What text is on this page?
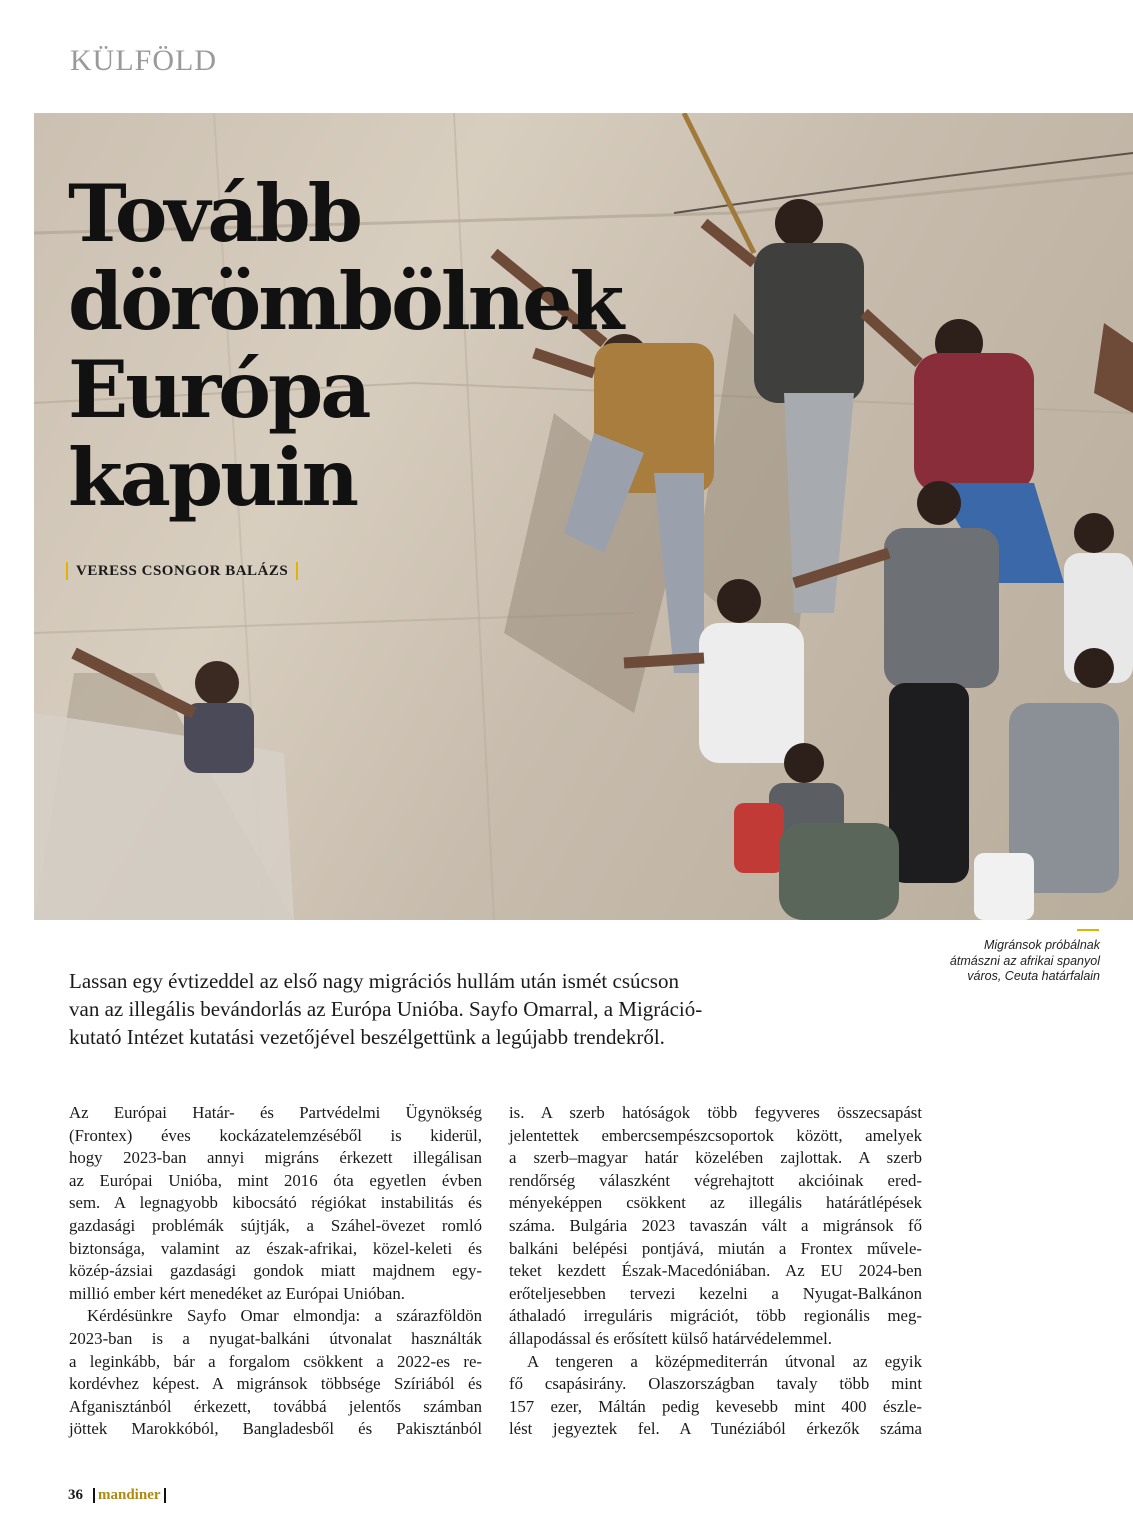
KÜLFÖLD
Tovább
dörömbölnek
Európa
kapuin
VERESS CSONGOR BALÁZS
Migránsok próbálnak
átmászni az afrikai spanyol
város, Ceuta határfalain
Lassan egy évtizeddel az első nagy migrációs hullám után ismét csúcson
van az illegális bevándorlás az Európa Unióba. Sayfo Omarral, a Migráció-
kutató Intézet kutatási vezetőjével beszélgettünk a legújabb trendekről.
Az Európai Határ- és Partvédelmi Ügynökség
(Frontex) éves kockázatelemzéséből is kiderül,
hogy 2023-ban annyi migráns érkezett illegálisan
az Európai Unióba, mint 2016 óta egyetlen évben
sem. A legnagyobb kibocsátó régiókat instabilitás és
gazdasági problémák sújtják, a Száhel-övezet romló
biztonsága, valamint az észak-afrikai, közel-keleti és
közép-ázsiai gazdasági gondok miatt majdnem egy-
millió ember kért menedéket az Európai Unióban.
Kérdésünkre Sayfo Omar elmondja: a szárazföldön
2023-ban is a nyugat-balkáni útvonalat használták
a leginkább, bár a forgalom csökkent a 2022-es re-
kordévhez képest. A migránsok többsége Szíriából és
Afganisztánból érkezett, továbbá jelentős számban
jöttek Marokkóból, Bangladesből és Pakisztánból
is. A szerb hatóságok több fegyveres összecsapást
jelentettek embercsempészcsoportok között, amelyek
a szerb–magyar határ közelében zajlottak. A szerb
rendőrség válaszként végrehajtott akcióinak ered-
ményeképpen csökkent az illegális határátlépések
száma. Bulgária 2023 tavaszán vált a migránsok fő
balkáni belépési pontjává, miután a Frontex művele-
teket kezdett Észak-Macedóniában. Az EU 2024-ben
erőteljesebben tervezi kezelni a Nyugat-Balkánon
áthaladó irreguláris migrációt, több regionális meg-
állapodással és erősített külső határvédelemmel.
A tengeren a középmediterrán útvonal az egyik
fő csapásirány. Olaszországban tavaly több mint
157 ezer, Máltán pedig kevesebb mint 400 észle-
lést jegyeztek fel. A Tunéziából érkezők száma
36	mandiner
